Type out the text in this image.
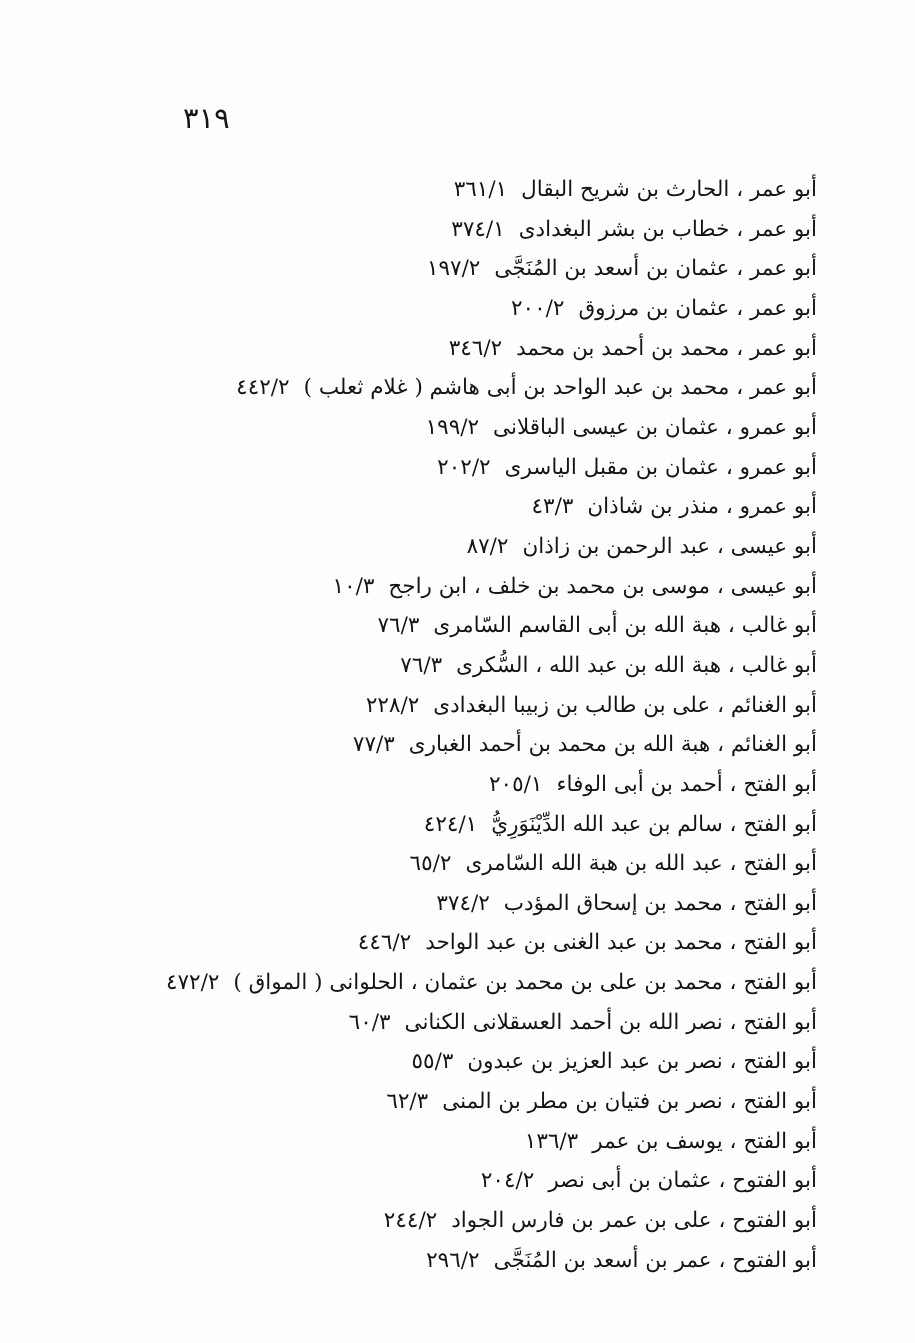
٣١٩
أبو عمر ، الحارث بن شريح البقال٣٦١/١
أبو عمر ، خطاب بن بشر البغدادى٣٧٤/١
أبو عمر ، عثمان بن أسعد بن المُنَجَّى١٩٧/٢
أبو عمر ، عثمان بن مرزوق٢٠٠/٢
أبو عمر ، محمد بن أحمد بن محمد٣٤٦/٢
أبو عمر ، محمد بن عبد الواحد بن أبى هاشم ( غلام ثعلب )٤٤٢/٢
أبو عمرو ، عثمان بن عيسى الباقلانى١٩٩/٢
أبو عمرو ، عثمان بن مقبل الياسرى٢٠٢/٢
أبو عمرو ، منذر بن شاذان٤٣/٣
أبو عيسى ، عبد الرحمن بن زاذان٨٧/٢
أبو عيسى ، موسى بن محمد بن خلف ، ابن راجح١٠/٣
أبو غالب ، هبة الله بن أبى القاسم السّامرى٧٦/٣
أبو غالب ، هبة الله بن عبد الله ، السُّكرى٧٦/٣
أبو الغنائم ، على بن طالب بن زبيبا البغدادى٢٢٨/٢
أبو الغنائم ، هبة الله بن محمد بن أحمد الغبارى٧٧/٣
أبو الفتح ، أحمد بن أبى الوفاء٢٠٥/١
أبو الفتح ، سالم بن عبد الله الدِّيْنَوَرِيُّ٤٢٤/١
أبو الفتح ، عبد الله بن هبة الله السّامرى٦٥/٢
أبو الفتح ، محمد بن إسحاق المؤدب٣٧٤/٢
أبو الفتح ، محمد بن عبد الغنى بن عبد الواحد٤٤٦/٢
أبو الفتح ، محمد بن على بن محمد بن عثمان ، الحلوانى ( المواق )٤٧٢/٢
أبو الفتح ، نصر الله بن أحمد العسقلانى الكنانى٦٠/٣
أبو الفتح ، نصر بن عبد العزيز بن عبدون٥٥/٣
أبو الفتح ، نصر بن فتيان بن مطر بن المنى٦٢/٣
أبو الفتح ، يوسف بن عمر١٣٦/٣
أبو الفتوح ، عثمان بن أبى نصر٢٠٤/٢
أبو الفتوح ، على بن عمر بن فارس الجواد٢٤٤/٢
أبو الفتوح ، عمر بن أسعد بن المُنَجَّى٢٩٦/٢
